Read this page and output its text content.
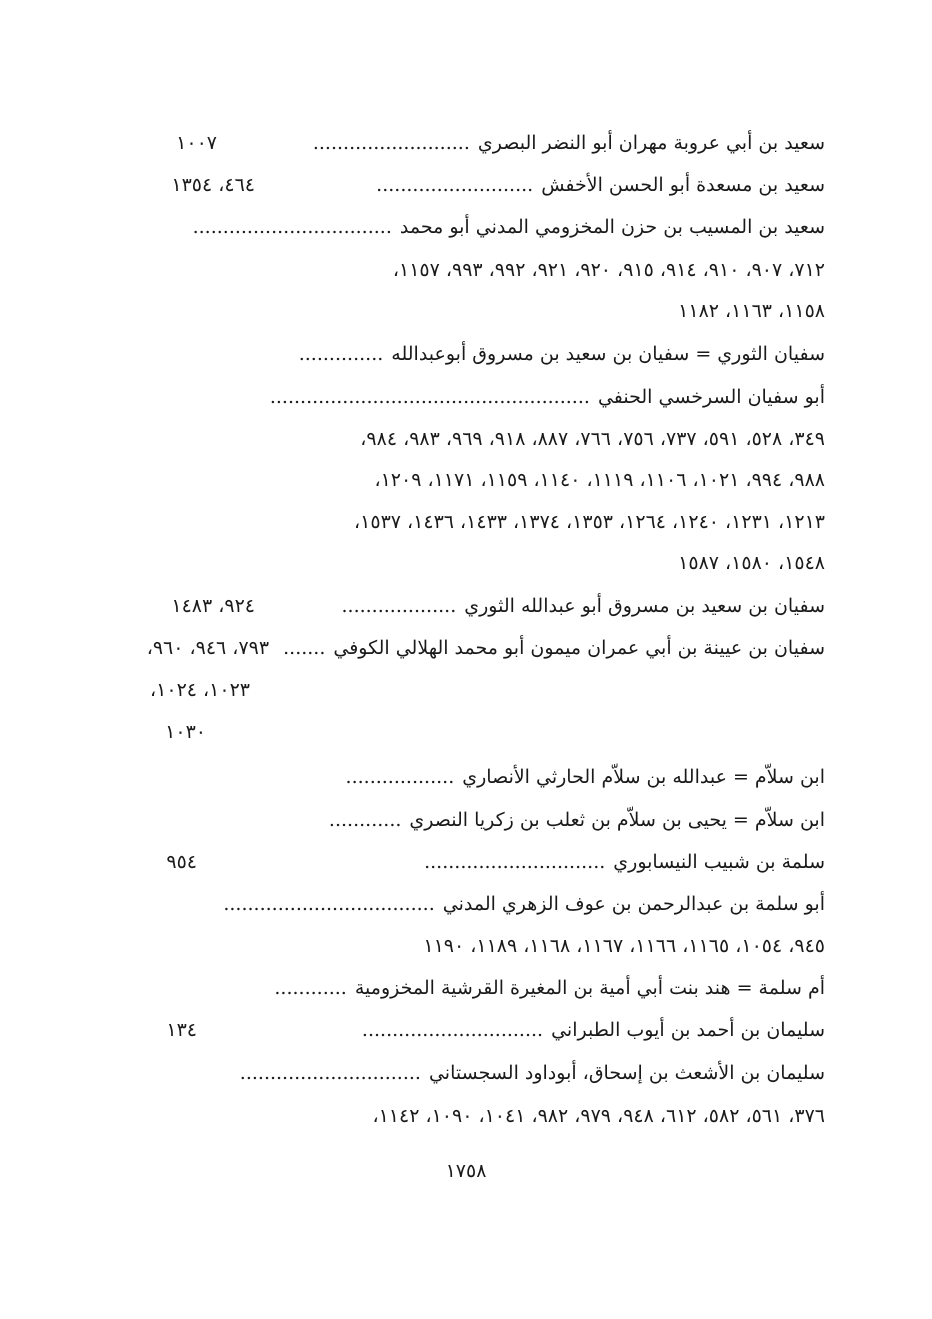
سعيد بن أبي عروبة مهران أبو النضر البصري..........................
١٠٠٧
سعيد بن مسعدة أبو الحسن الأخفش..........................
٤٦٤، ١٣٥٤
سعيد بن المسيب بن حزن المخزومي المدني أبو محمد.................................
٧١٢، ٩٠٧، ٩١٠، ٩١٤، ٩١٥، ٩٢٠، ٩٢١، ٩٩٢، ٩٩٣، ١١٥٧،
١١٥٨، ١١٦٣، ١١٨٢
سفيان الثوري = سفيان بن سعيد بن مسروق أبوعبدالله..............
أبو سفيان السرخسي الحنفي.....................................................
٣٤٩، ٥٢٨، ٥٩١، ٧٣٧، ٧٥٦، ٧٦٦، ٨٨٧، ٩١٨، ٩٦٩، ٩٨٣، ٩٨٤،
٩٨٨، ٩٩٤، ١٠٢١، ١١٠٦، ١١١٩، ١١٤٠، ١١٥٩، ١١٧١، ١٢٠٩،
١٢١٣، ١٢٣١، ١٢٤٠، ١٢٦٤، ١٣٥٣، ١٣٧٤، ١٤٣٣، ١٤٣٦، ١٥٣٧،
١٥٤٨، ١٥٨٠، ١٥٨٧
سفيان بن سعيد بن مسروق أبو عبدالله الثوري...................
٩٢٤، ١٤٨٣
سفيان بن عيينة بن أبي عمران ميمون أبو محمد الهلالي الكوفي....... ٧٩٣، ٩٤٦، ٩٦٠،
١٠٢٣، ١٠٢٤،
١٠٣٠
ابن سلاّم = عبدالله بن سلاّم الحارثي الأنصاري..................
ابن سلاّم = يحيى بن سلاّم بن ثعلب بن زكريا النصري............
سلمة بن شبيب النيسابوري..............................
٩٥٤
أبو سلمة بن عبدالرحمن بن عوف الزهري المدني...................................
٩٤٥، ١٠٥٤، ١١٦٥، ١١٦٦، ١١٦٧، ١١٦٨، ١١٨٩، ١١٩٠
أم سلمة = هند بنت أبي أمية بن المغيرة القرشية المخزومية............
سليمان بن أحمد بن أيوب الطبراني..............................
١٣٤
سليمان بن الأشعث بن إسحاق، أبوداود السجستاني..............................
٣٧٦، ٥٦١، ٥٨٢، ٦١٢، ٩٤٨، ٩٧٩، ٩٨٢، ١٠٤١، ١٠٩٠، ١١٤٢،
١٧٥٨
